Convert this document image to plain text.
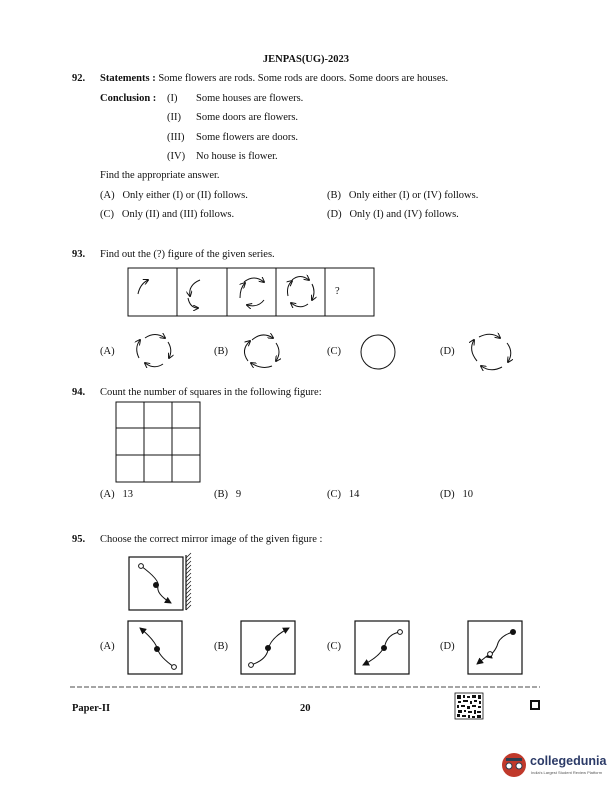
JENPAS(UG)-2023
92. Statements : Some flowers are rods. Some rods are doors. Some doors are houses.
Conclusion : (I) Some houses are flowers.
(II) Some doors are flowers.
(III) Some flowers are doors.
(IV) No house is flower.
Find the appropriate answer.
(A) Only either (I) or (II) follows.	(B) Only either (I) or (IV) follows.
(C) Only (II) and (III) follows.	(D) Only (I) and (IV) follows.
93. Find out the (?) figure of the given series.
?
(A)	(B)	(C)	(D)
94. Count the number of squares in the following figure:
(A) 13	(B) 9	(C) 14	(D) 10
95. Choose the correct mirror image of the given figure :
(A)	(B)	(C)	(D)
Paper-II	20
collegedunia
India's Largest Student Review Platform
